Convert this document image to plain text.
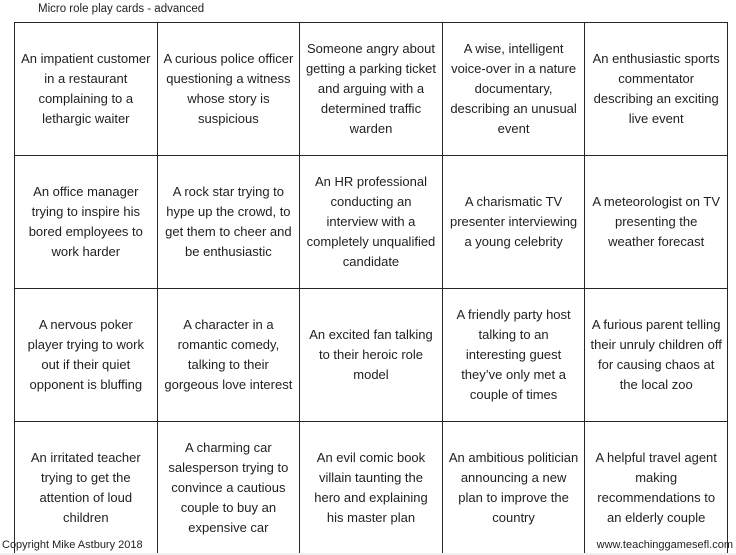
Micro role play cards - advanced
An impatient customer in a restaurant complaining to a lethargic waiter	A curious police officer questioning a witness whose story is suspicious	Someone angry about getting a parking ticket and arguing with a determined traffic warden	A wise, intelligent voice-over in a nature documentary, describing an unusual event	An enthusiastic sports commentator describing an exciting live event
An office manager trying to inspire his bored employees to work harder	A rock star trying to hype up the crowd, to get them to cheer and be enthusiastic	An HR professional conducting an interview with a completely unqualified candidate	A charismatic TV presenter interviewing a young celebrity	A meteorologist on TV presenting the weather forecast
A nervous poker player trying to work out if their quiet opponent is bluffing	A character in a romantic comedy, talking to their gorgeous love interest	An excited fan talking to their heroic role model	A friendly party host talking to an interesting guest they’ve only met a couple of times	A furious parent telling their unruly children off for causing chaos at the local zoo
An irritated teacher trying to get the attention of loud children	A charming car salesperson trying to convince a cautious couple to buy an expensive car	An evil comic book villain taunting the hero and explaining his master plan	An ambitious politician announcing a new plan to improve the country	A helpful travel agent making recommendations to an elderly couple
Copyright Mike Astbury 2018	www.teachinggamesefl.com
